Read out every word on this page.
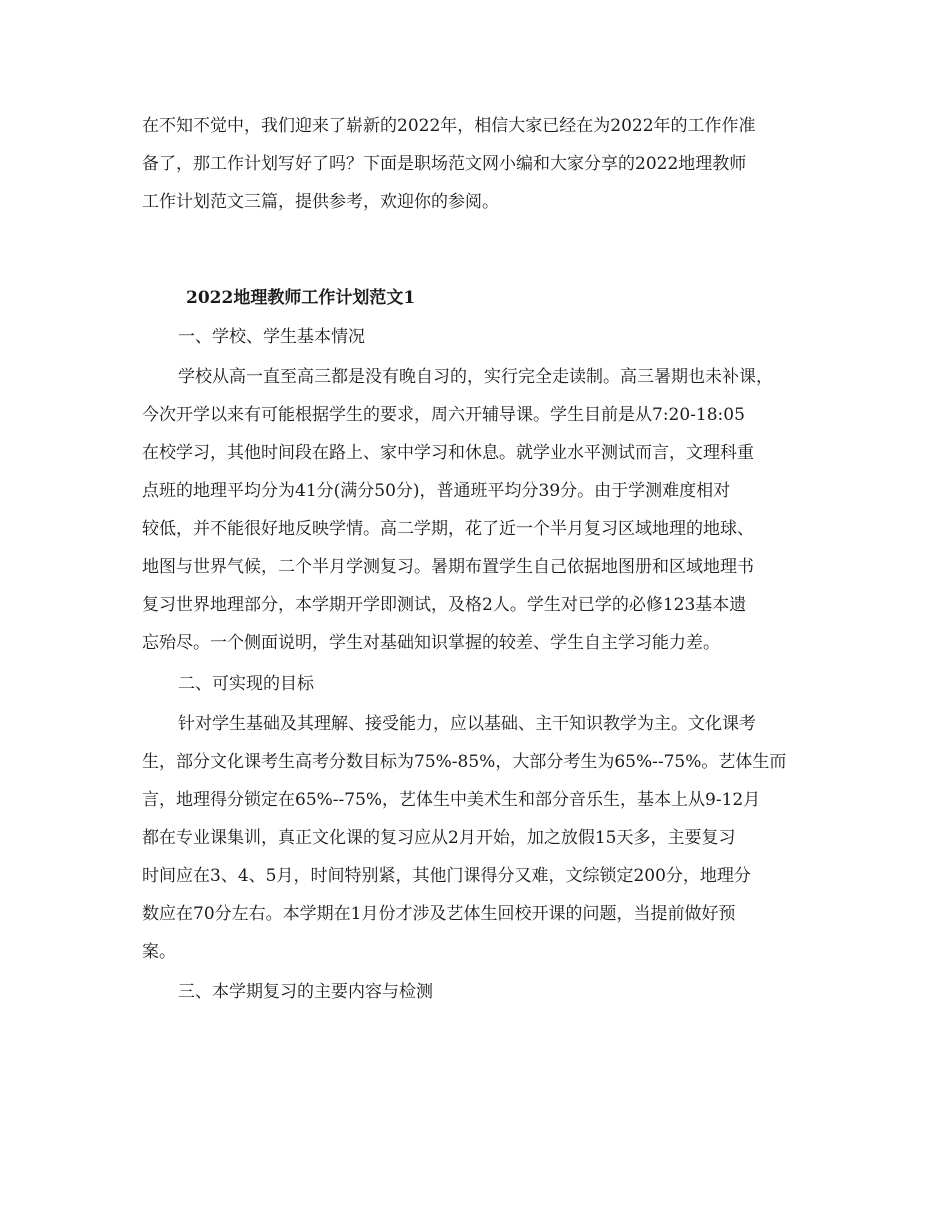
在不知不觉中，我们迎来了崭新的2022年，相信大家已经在为2022年的工作作准
备了，那工作计划写好了吗？下面是职场范文网小编和大家分享的2022地理教师
工作计划范文三篇，提供参考，欢迎你的参阅。
2022地理教师工作计划范文1
一、学校、学生基本情况
学校从高一直至高三都是没有晚自习的，实行完全走读制。高三暑期也未补课，
今次开学以来有可能根据学生的要求，周六开辅导课。学生目前是从7:20-18:05
在校学习，其他时间段在路上、家中学习和休息。就学业水平测试而言，文理科重
点班的地理平均分为41分(满分50分)，普通班平均分39分。由于学测难度相对
较低，并不能很好地反映学情。高二学期，花了近一个半月复习区域地理的地球、
地图与世界气候，二个半月学测复习。暑期布置学生自己依据地图册和区域地理书
复习世界地理部分，本学期开学即测试，及格2人。学生对已学的必修123基本遗
忘殆尽。一个侧面说明，学生对基础知识掌握的较差、学生自主学习能力差。
二、可实现的目标
针对学生基础及其理解、接受能力，应以基础、主干知识教学为主。文化课考
生，部分文化课考生高考分数目标为75%-85%，大部分考生为65%--75%。艺体生而
言，地理得分锁定在65%--75%，艺体生中美术生和部分音乐生，基本上从9-12月
都在专业课集训，真正文化课的复习应从2月开始，加之放假15天多，主要复习
时间应在3、4、5月，时间特别紧，其他门课得分又难，文综锁定200分，地理分
数应在70分左右。本学期在1月份才涉及艺体生回校开课的问题，当提前做好预
案。
三、本学期复习的主要内容与检测
